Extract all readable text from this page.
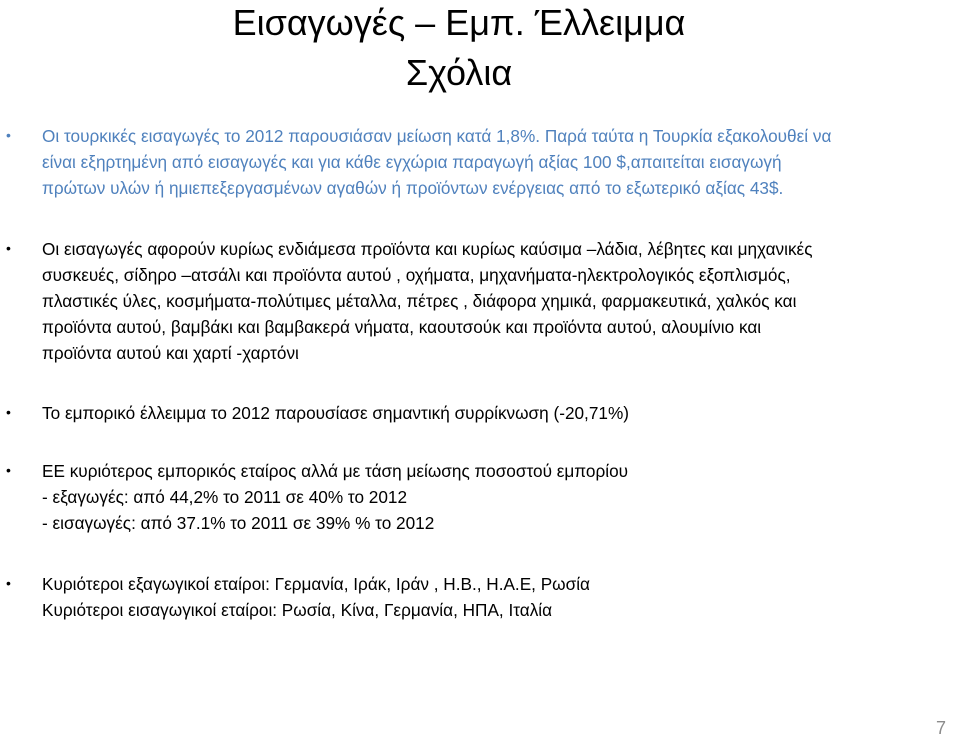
Εισαγωγές – Εμπ. Έλλειμμα
Σχόλια
• Οι τουρκικές εισαγωγές το 2012 παρουσιάσαν μείωση κατά 1,8%. Παρά ταύτα η Τουρκία εξακολουθεί να
είναι εξηρτημένη από εισαγωγές και για κάθε εγχώρια παραγωγή αξίας 100 $,απαιτείται εισαγωγή
πρώτων υλών ή ημιεπεξεργασμένων αγαθών ή προϊόντων ενέργειας από το εξωτερικό αξίας 43$.
• Οι εισαγωγές αφορούν κυρίως ενδιάμεσα προϊόντα και κυρίως καύσιμα –λάδια, λέβητες και μηχανικές
συσκευές, σίδηρο –ατσάλι και προϊόντα αυτού , οχήματα, μηχανήματα-ηλεκτρολογικός εξοπλισμός,
πλαστικές ύλες, κοσμήματα-πολύτιμες μέταλλα, πέτρες , διάφορα χημικά, φαρμακευτικά, χαλκός και
προϊόντα αυτού, βαμβάκι και βαμβακερά νήματα, καουτσούκ και προϊόντα αυτού, αλουμίνιο και
προϊόντα αυτού και χαρτί -χαρτόνι
• Το εμπορικό έλλειμμα το 2012 παρουσίασε σημαντική συρρίκνωση (-20,71%)
• ΕΕ κυριότερος εμπορικός εταίρος αλλά με τάση μείωσης ποσοστού εμπορίου
- εξαγωγές: από 44,2% το 2011 σε 40% το 2012
- εισαγωγές: από 37.1% το 2011 σε 39% % το 2012
• Κυριότεροι εξαγωγικοί εταίροι: Γερμανία, Ιράκ, Ιράν , Η.Β., Η.Α.Ε, Ρωσία
Κυριότεροι εισαγωγικοί εταίροι: Ρωσία, Κίνα, Γερμανία, ΗΠΑ, Ιταλία
7
